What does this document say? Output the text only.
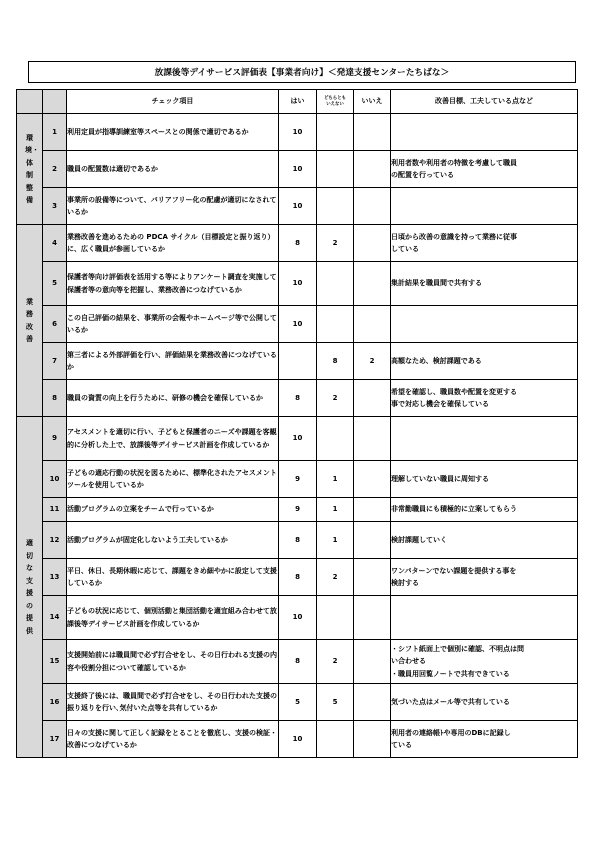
放課後等デイサービス評価表【事業者向け】＜発達支援センターたちばな＞
		チェック項目	はい	どちらとも
いえない	いいえ	改善目標、工夫している点など
環境・体制整備	1	利用定員が指導訓練室等スペースとの関係で適切であるか	10			
	2	職員の配置数は適切であるか	10			利用者数や利用者の特徴を考慮して職員
の配置を行っている

	3	事業所の設備等について、バリアフリー化の配慮が適切になされているか	10			
業務改善	4	業務改善を進めるための PDCA サイクル（目標設定と振り返り）に、広く職員が参画しているか	8	2		日頃から改善の意識を持って業務に従事
している

	5	保護者等向け評価表を活用する等によりアンケート調査を実施して保護者等の意向等を把握し、業務改善につなげているか	10			集計結果を職員間で共有する

	6	この自己評価の結果を、事業所の会報やホームページ等で公開しているか	10			
	7	第三者による外部評価を行い、評価結果を業務改善につなげているか		8	2	高額なため、検討課題である

	8	職員の資質の向上を行うために、研修の機会を確保しているか	8	2		希望を確認し、職員数や配置を変更する
事で対応し機会を確保している

適切な支援の提供	9	アセスメントを適切に行い、子どもと保護者のニーズや課題を客観的に分析した上で、放課後等デイサービス計画を作成しているか	10			
	10	子どもの適応行動の状況を図るために、標準化されたアセスメントツールを使用しているか	9	1		理解していない職員に周知する

	11	活動プログラムの立案をチームで行っているか	9	1		非常勤職員にも積極的に立案してもらう

	12	活動プログラムが固定化しないよう工夫しているか	8	1		検討課題していく

	13	平日、休日、長期休暇に応じて、課題をきめ細やかに設定して支援しているか	8	2		ワンパターンでない課題を提供する事を
検討する

	14	子どもの状況に応じて、個別活動と集団活動を適宜組み合わせて放課後等デイサービス計画を作成しているか	10			
	15	支援開始前には職員間で必ず打合せをし、その日行われる支援の内容や役割分担について確認しているか	8	2		・シフト紙面上で個別に確認、不明点は問
い合わせる
・職員用回覧ノートで共有できている

	16	支援終了後には、職員間で必ず打合せをし、その日行われた支援の振り返りを行い､気付いた点等を共有しているか	5	5		気づいた点はメール等で共有している

	17	日々の支援に関して正しく記録をとることを徹底し、支援の検証・改善につなげているか	10			利用者の連絡帳ﾄや専用のDBに記録し
ている
